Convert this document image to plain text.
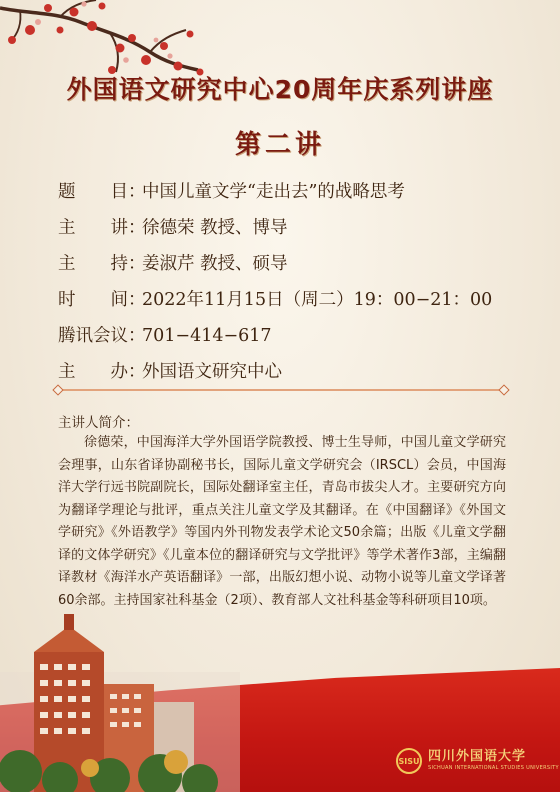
外国语文研究中心20周年庆系列讲座
第二讲
题　　目：中国儿童文学“走出去”的战略思考
主　　讲：徐德荣 教授、博导
主　　持：姜淑芹 教授、硕导
时　　间：2022年11月15日（周二）19：00−21：00
腾讯会议：701−414−617
主　　办：外国语文研究中心
主讲人简介：
徐德荣，中国海洋大学外国语学院教授、博士生导师，中国儿童文学研究会理事，山东省译协副秘书长，国际儿童文学研究会（IRSCL）会员，中国海洋大学行远书院副院长，国际处翻译室主任，青岛市拔尖人才。主要研究方向为翻译学理论与批评，重点关注儿童文学及其翻译。在《中国翻译》《外国文学研究》《外语教学》等国内外刊物发表学术论文50余篇；出版《儿童文学翻译的文体学研究》《儿童本位的翻译研究与文学批评》等学术著作3部，主编翻译教材《海洋水产英语翻译》一部，出版幻想小说、动物小说等儿童文学译著60余部。主持国家社科基金（2项）、教育部人文社科基金等科研项目10项。
SISU 四川外国语大学
SICHUAN INTERNATIONAL STUDIES UNIVERSITY
